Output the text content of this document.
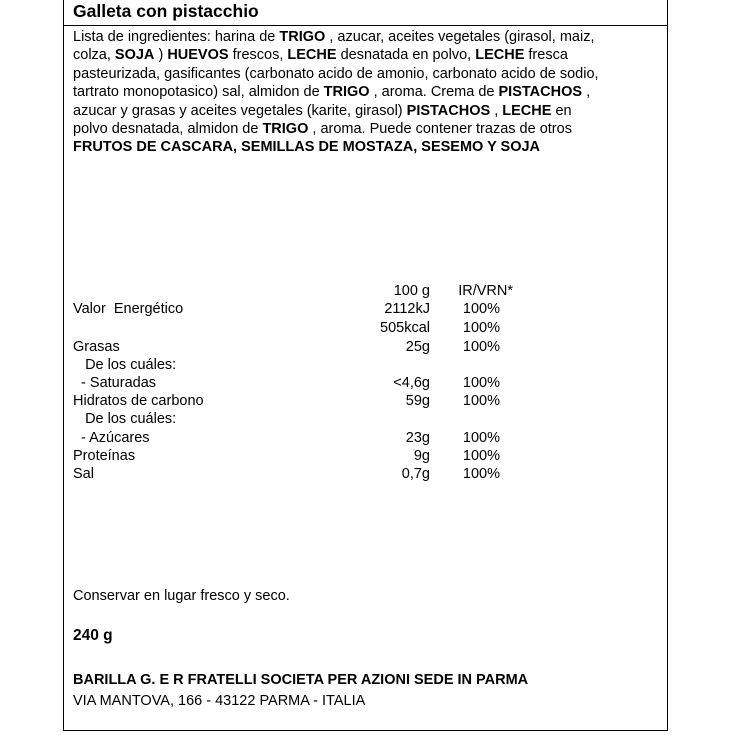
Galleta con pistacchio
Lista de ingredientes: harina de TRIGO , azucar, aceites vegetales (girasol, maiz,
colza, SOJA ) HUEVOS frescos, LECHE desnatada en polvo, LECHE fresca
pasteurizada, gasificantes (carbonato acido de amonio, carbonato acido de sodio,
tartrato monopotasico) sal, almidon de TRIGO , aroma. Crema de PISTACHOS ,
azucar y grasas y aceites vegetales (karite, girasol) PISTACHOS , LECHE en
polvo desnatada, almidon de TRIGO , aroma. Puede contener trazas de otros
FRUTOS DE CASCARA, SEMILLAS DE MOSTAZA, SESEMO Y SOJA
100 g IR/VRN*
Valor  Energético	2112kJ 100%
505kcal 100%
Grasas	25g 100%
De los cuáles:
- Saturadas	<4,6g 100%
Hidratos de carbono	59g 100%
De los cuáles:
- Azúcares	23g 100%
Proteínas	9g 100%
Sal	0,7g 100%
Conservar en lugar fresco y seco.
240 g
BARILLA G. E R FRATELLI SOCIETA PER AZIONI SEDE IN PARMA
VIA MANTOVA, 166 - 43122 PARMA - ITALIA
